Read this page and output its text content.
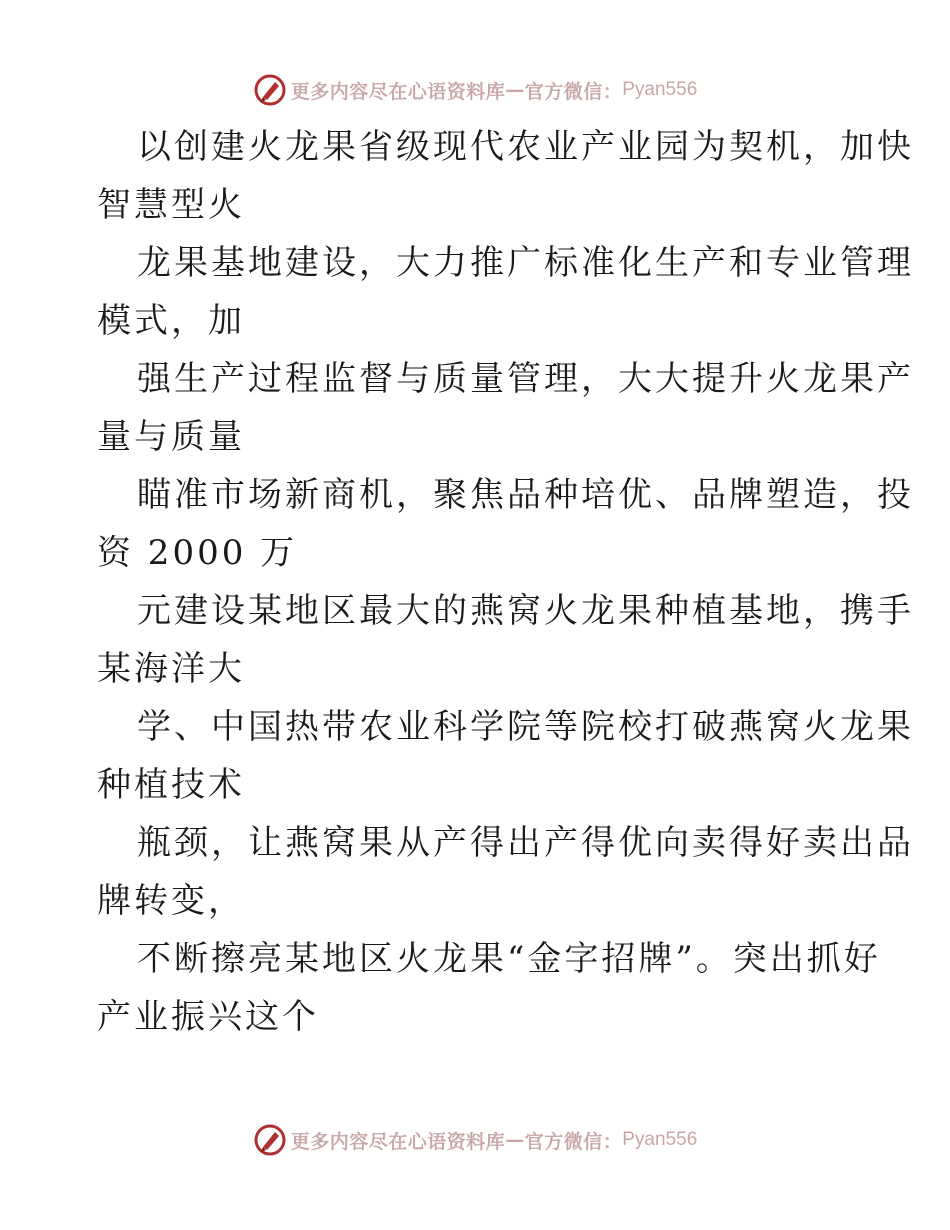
更多内容尽在心语资料库 — 官方微信： Pyan556

以创建火龙果省级现代农业产业园为契机，加快
智慧型火

龙果基地建设，大力推广标准化生产和专业管理
模式，加

强生产过程监督与质量管理，大大提升火龙果产
量与质量

瞄准市场新商机，聚焦品种培优、品牌塑造，投
资 2000 万

元建设某地区最大的燕窝火龙果种植基地，携手
某海洋大

学、中国热带农业科学院等院校打破燕窝火龙果
种植技术

瓶颈，让燕窝果从产得出产得优向卖得好卖出品
牌转变，

不断擦亮某地区火龙果“金字招牌”。突出抓好
产业振兴这个

更多内容尽在心语资料库 — 官方微信： Pyan556
